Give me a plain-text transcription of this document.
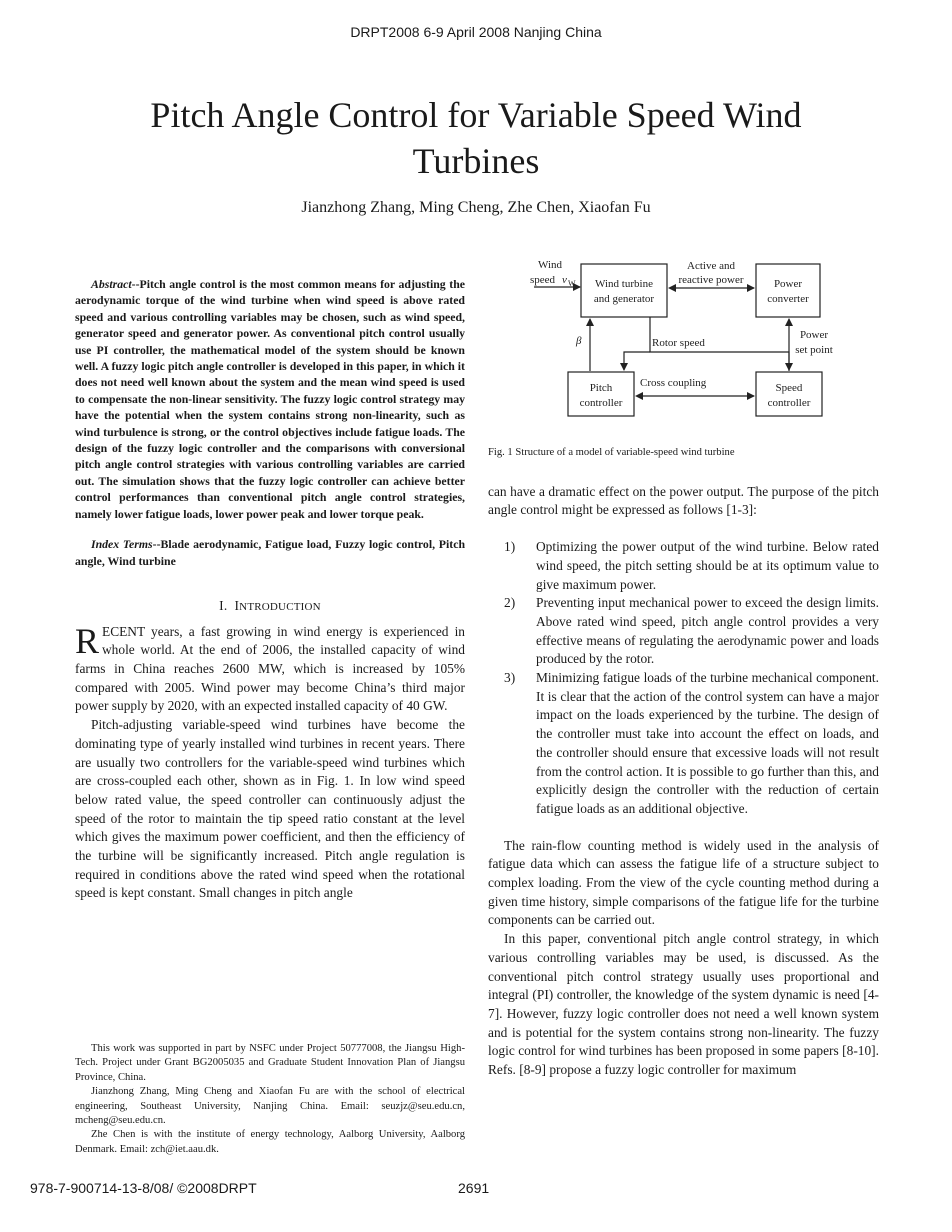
DRPT2008 6-9 April 2008 Nanjing China
Pitch Angle Control for Variable Speed Wind Turbines
Jianzhong Zhang, Ming Cheng, Zhe Chen, Xiaofan Fu

Abstract--Pitch angle control is the most common means for adjusting the aerodynamic torque of the wind turbine when wind speed is above rated speed and various controlling variables may be chosen, such as wind speed, generator speed and generator power. As conventional pitch control usually use PI controller, the mathematical model of the system should be known well. A fuzzy logic pitch angle controller is developed in this paper, in which it does not need well known about the system and the mean wind speed is used to compensate the non-linear sensitivity. The fuzzy logic control strategy may have the potential when the system contains strong non-linearity, such as wind turbulence is strong, or the control objectives include fatigue loads. The design of the fuzzy logic controller and the comparisons with conversional pitch angle control strategies with various controlling variables are carried out. The simulation shows that the fuzzy logic controller can achieve better control performances than conventional pitch angle control strategies, namely lower fatigue loads, lower power peak and lower torque peak.

Index Terms--Blade aerodynamic, Fatigue load, Fuzzy logic control, Pitch angle, Wind turbine

I. INTRODUCTION

RECENT years, a fast growing in wind energy is experienced in whole world. At the end of 2006, the installed capacity of wind farms in China reaches 2600 MW, which is increased by 105% compared with 2005. Wind power may become China’s third major power supply by 2020, with an expected installed capacity of 40 GW.

Pitch-adjusting variable-speed wind turbines have become the dominating type of yearly installed wind turbines in recent years. There are usually two controllers for the variable-speed wind turbines which are cross-coupled each other, shown as in Fig. 1. In low wind speed below rated value, the speed controller can continuously adjust the speed of the rotor to maintain the tip speed ratio constant at the level which gives the maximum power coefficient, and then the efficiency of the turbine will be significantly increased. Pitch angle regulation is required in conditions above the rated wind speed when the rotational speed is kept constant. Small changes in pitch angle

This work was supported in part by NSFC under Project 50777008, the Jiangsu High-Tech. Project under Grant BG2005035 and Graduate Student Innovation Plan of Jiangsu Province, China.

Jianzhong Zhang, Ming Cheng and Xiaofan Fu are with the school of electrical engineering, Southeast University, Nanjing China. Email: seuzjz@seu.edu.cn, mcheng@seu.edu.cn.

Zhe Chen is with the institute of energy technology, Aalborg University, Aalborg Denmark. Email: zch@iet.aau.dk.

Wind
speed v W Wind turbine
and generator
Active and
reactive power	Power
converter
β	Rotor speed
Power
set point
Pitch
controller
Cross coupling	Speed
controller
Fig. 1 Structure of a model of variable-speed wind turbine

can have a dramatic effect on the power output. The purpose of the pitch angle control might be expressed as follows [1-3]:

1) Optimizing the power output of the wind turbine. Below rated wind speed, the pitch setting should be at its optimum value to give maximum power.
2) Preventing input mechanical power to exceed the design limits. Above rated wind speed, pitch angle control provides a very effective means of regulating the aerodynamic power and loads produced by the rotor.
3) Minimizing fatigue loads of the turbine mechanical component. It is clear that the action of the control system can have a major impact on the loads experienced by the turbine. The design of the controller must take into account the effect on loads, and the controller should ensure that excessive loads will not result from the control action. It is possible to go further than this, and explicitly design the controller with the reduction of certain fatigue loads as an additional objective.

The rain-flow counting method is widely used in the analysis of fatigue data which can assess the fatigue life of a structure subject to complex loading. From the view of the cycle counting method during a given time history, simple comparisons of the fatigue life for the turbine components can be carried out.

In this paper, conventional pitch angle control strategy, in which various controlling variables may be used, is discussed. As the conventional pitch control strategy usually uses proportional and integral (PI) controller, the knowledge of the system dynamic is need [4-7]. However, fuzzy logic controller does not need a well known system and is potential for the system contains strong non-linearity. The fuzzy logic control for wind turbines has been proposed in some papers [8-10]. Refs. [8-9] propose a fuzzy logic controller for maximum

978-7-900714-13-8/08/ ©2008DRPT	2691
